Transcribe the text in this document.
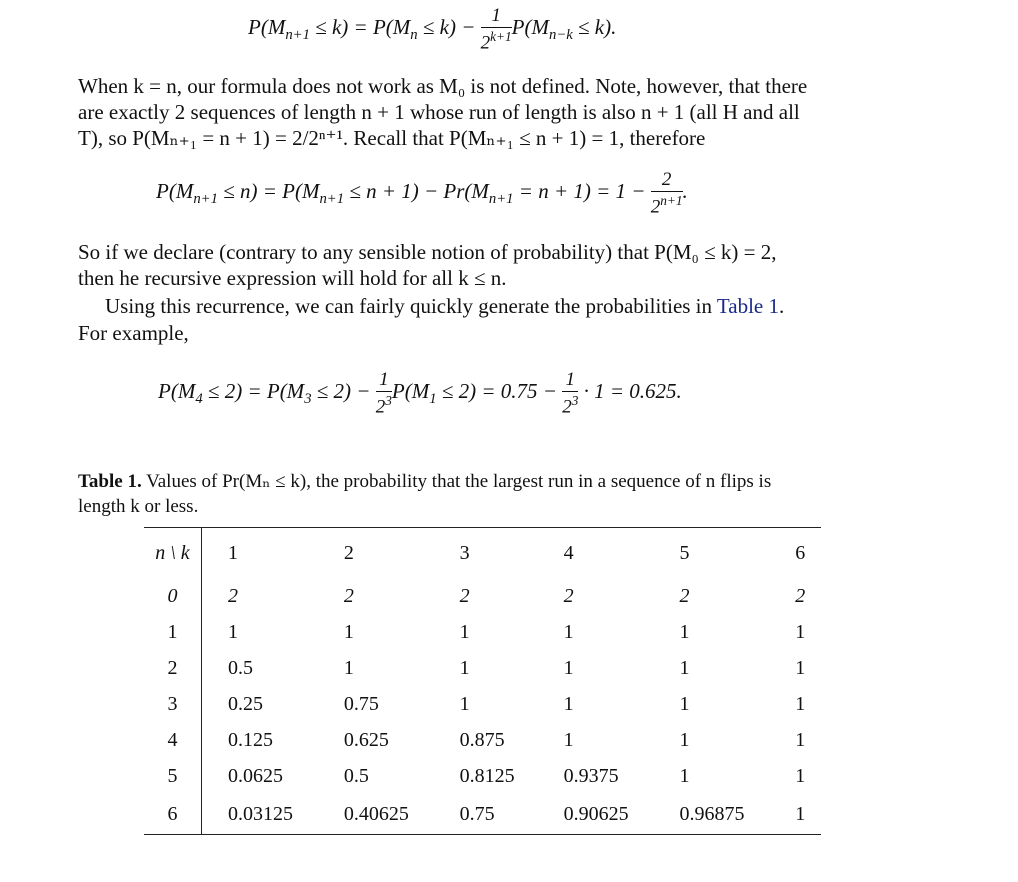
$P(M_{n+1} \le k) = P(M_n \le k) - \frac{1}{2^{k+1}} P(M_{n-k} \le k)$.
When k = n, our formula does not work as M₀ is not defined. Note, however, that there
are exactly 2 sequences of length n + 1 whose run of length is also n + 1 (all H and all
T), so P(Mₙ₊₁ = n + 1) = 2/2ⁿ⁺¹. Recall that P(Mₙ₊₁ ≤ n + 1) = 1, therefore
$P(M_{n+1} \le n) = P(M_{n+1} \le n + 1) - Pr(M_{n+1} = n + 1) = 1 - \frac{2}{2^{n+1}}$ .
So if we declare (contrary to any sensible notion of probability) that P(M₀ ≤ k) = 2,
then he recursive expression will hold for all k ≤ n.
Using this recurrence, we can fairly quickly generate the probabilities in Table 1.
For example,
$P(M_4 \le 2) = P(M_3 \le 2) - \frac{1}{2^3} P(M_1 \le 2) = 0.75 - \frac{1}{2^3} \cdot 1 = 0.625$.
Table 1. Values of Pr(Mₙ ≤ k), the probability that the largest run in a sequence of n flips is
length k or less.
n \ k	1	2	3	4	5	6
0	2	2	2	2	2	2
1	1	1	1	1	1	1
2	0.5	1	1	1	1	1
3	0.25	0.75	1	1	1	1
4	0.125	0.625	0.875	1	1	1
5	0.0625	0.5	0.8125	0.9375	1	1
6	0.03125	0.40625	0.75	0.90625	0.96875	1
